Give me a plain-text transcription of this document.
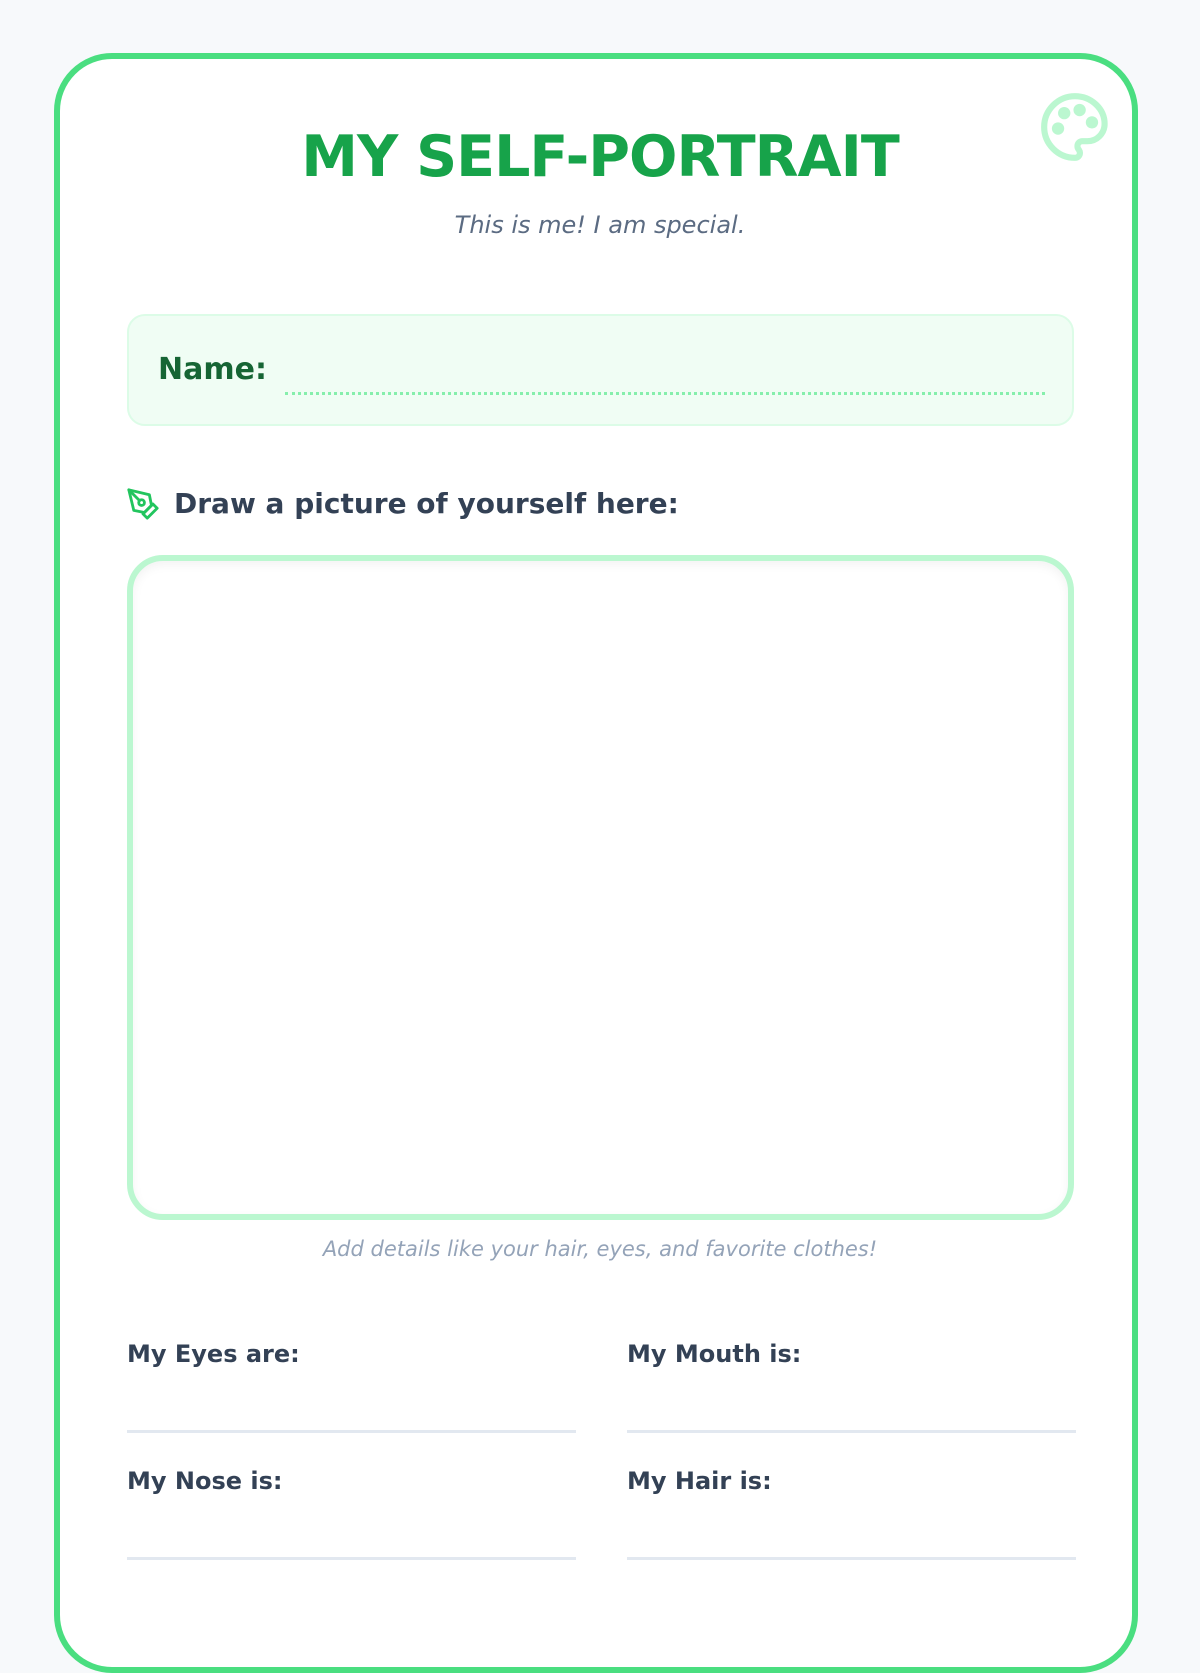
MY SELF-PORTRAIT
This is me! I am special.
Name:
Draw a picture of yourself here:
Add details like your hair, eyes, and favorite clothes!
My Eyes are:	My Mouth is:
My Nose is:	My Hair is:
